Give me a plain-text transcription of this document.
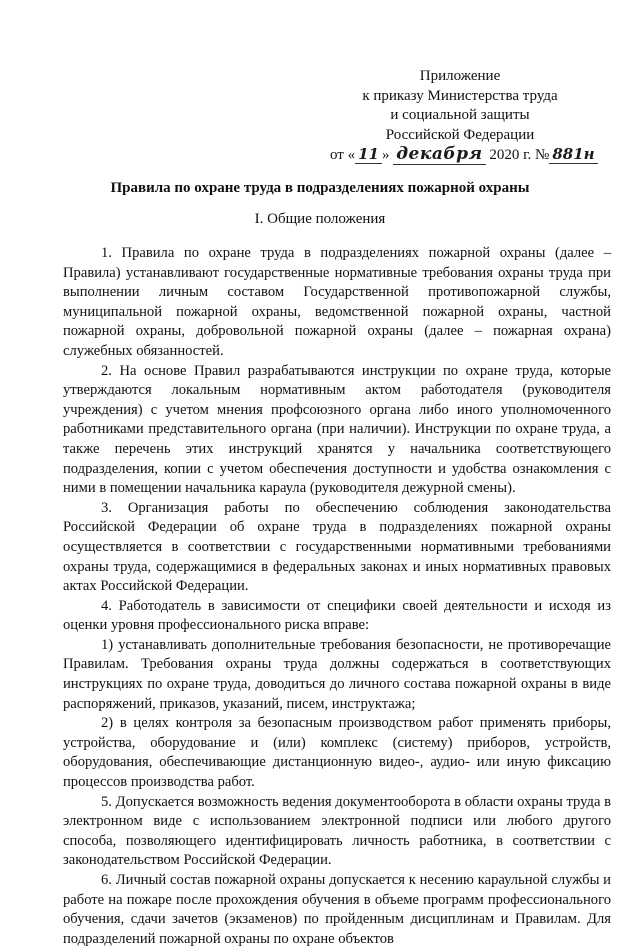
Приложение
к приказу Министерства труда
и социальной защиты
Российской Федерации
от « 11 » декабря 2020 г. № 881н
Правила по охране труда в подразделениях пожарной охраны
I. Общие положения

1. Правила по охране труда в подразделениях пожарной охраны (далее – Правила) устанавливают государственные нормативные требования охраны труда при выполнении личным составом Государственной противопожарной службы, муниципальной пожарной охраны, ведомственной пожарной охраны, частной пожарной охраны, добровольной пожарной охраны (далее – пожарная охрана) служебных обязанностей.

2. На основе Правил разрабатываются инструкции по охране труда, которые утверждаются локальным нормативным актом работодателя (руководителя учреждения) с учетом мнения профсоюзного органа либо иного уполномоченного работниками представительного органа (при наличии). Инструкции по охране труда, а также перечень этих инструкций хранятся у начальника соответствующего подразделения, копии с учетом обеспечения доступности и удобства ознакомления с ними в помещении начальника караула (руководителя дежурной смены).

3. Организация работы по обеспечению соблюдения законодательства Российской Федерации об охране труда в подразделениях пожарной охраны осуществляется в соответствии с государственными нормативными требованиями охраны труда, содержащимися в федеральных законах и иных нормативных правовых актах Российской Федерации.

4. Работодатель в зависимости от специфики своей деятельности и исходя из оценки уровня профессионального риска вправе:

1) устанавливать дополнительные требования безопасности, не противоречащие Правилам. Требования охраны труда должны содержаться в соответствующих инструкциях по охране труда, доводиться до личного состава пожарной охраны в виде распоряжений, приказов, указаний, писем, инструктажа;

2) в целях контроля за безопасным производством работ применять приборы, устройства, оборудование и (или) комплекс (систему) приборов, устройств, оборудования, обеспечивающие дистанционную видео-, аудио- или иную фиксацию процессов производства работ.

5. Допускается возможность ведения документооборота в области охраны труда в электронном виде с использованием электронной подписи или любого другого способа, позволяющего идентифицировать личность работника, в соответствии с законодательством Российской Федерации.

6. Личный состав пожарной охраны допускается к несению караульной службы и работе на пожаре после прохождения обучения в объеме программ профессионального обучения, сдачи зачетов (экзаменов) по пройденным дисциплинам и Правилам. Для подразделений пожарной охраны по охране объектов
